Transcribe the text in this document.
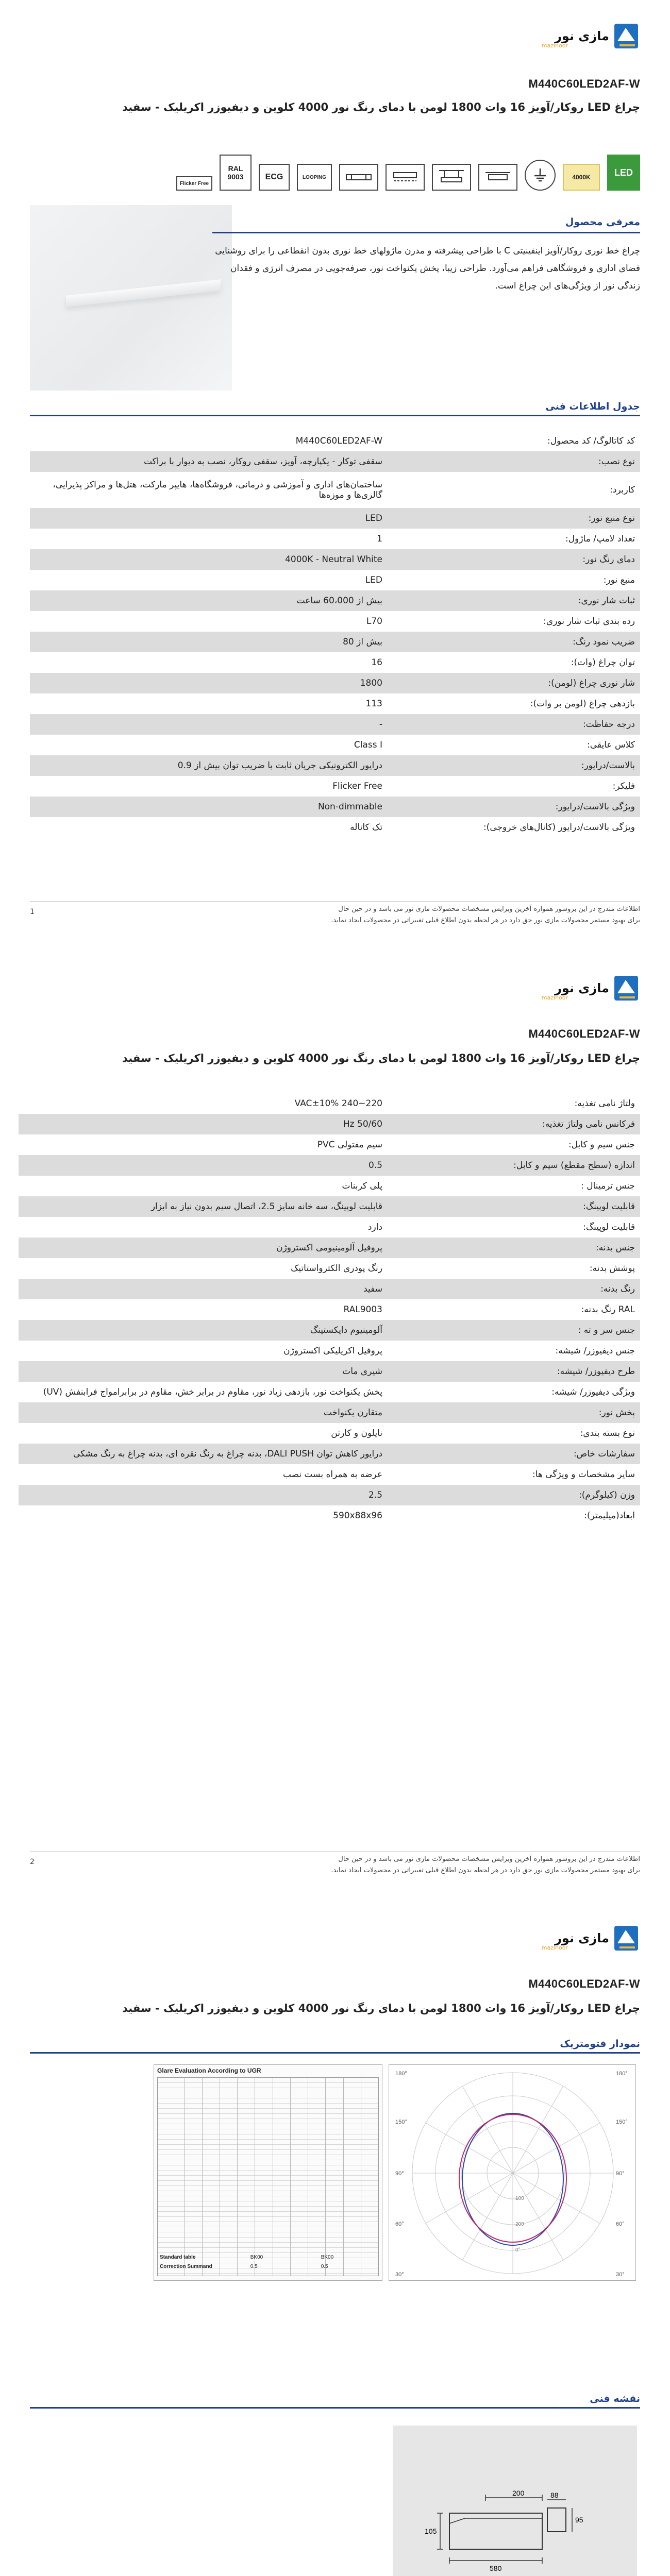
مازی نور
mazinoor
M440C60LED2AF-W
چراغ LED روکار/آویز 16 وات 1800 لومن با دمای رنگ نور 4000 کلوین و دیفیوزر اکریلیک - سفید
LED
4000K
LOOPING
ECG
RAL
9003
Flicker Free
معرفی محصول
چراغ خط نوری روکار/آویز اینفینیتی C با طراحی پیشرفته و مدرن ماژولهای خط نوری بدون انقطاعی را برای روشنایی فضای اداری و فروشگاهی فراهم می‌آورد. طراحی زیبا، پخش یکنواخت نور، صرفه‌جویی در مصرف انرژی و فقدان زندگی نور از ویژگی‌های این چراغ است.
جدول اطلاعات فنی
کد کاتالوگ/ کد محصول:	M440C60LED2AF-W
نوع نصب:	سقفی توکار - یکپارچه، آویز، سقفی روکار، نصب به دیوار با براکت
کاربرد:	ساختمان‌های اداری و آموزشی و درمانی، فروشگاه‌ها، هایپر مارکت، هتل‌ها و مراکز پذیرایی، گالری‌ها و موزه‌ها
نوع منبع نور:	LED
تعداد لامپ/ ماژول:	1
دمای رنگ نور:	4000K - Neutral White
منبع نور:	LED
ثبات شار نوری:	بیش از 60،000 ساعت
رده بندی ثبات شار نوری:	L70
ضریب نمود رنگ:	بیش از 80
توان چراغ (وات):	16
شار نوری چراغ (لومن):	1800
بازدهی چراغ (لومن بر وات):	113
درجه حفاظت:	-
کلاس عایقی:	Class I
بالاست/درایور:	درایور الکترونیکی جریان ثابت با ضریب توان بیش از 0.9
فلیکر:	Flicker Free
ویژگی بالاست/درایور:	Non-dimmable
ویژگی بالاست/درایور (کانال‌های خروجی):	تک کاناله
1	اطلاعات مندرج در این بروشور همواره آخرین ویرایش مشخصات محصولات مازی نور می باشد و در حین حال
برای بهبود مستمر محصولات مازی نور حق دارد در هر لحظه بدون اطلاع قبلی تغییراتی در محصولات ایجاد نماید.
مازی نور
mazinoor
M440C60LED2AF-W
چراغ LED روکار/آویز 16 وات 1800 لومن با دمای رنگ نور 4000 کلوین و دیفیوزر اکریلیک - سفید
ولتاژ نامی تغذیه:	220~240 VAC±10%
فرکانس نامی ولتاژ تغذیه:	50/60 Hz
جنس سیم و کابل:	سیم مفتولی PVC
اندازه (سطح مقطع) سیم و کابل:	0.5
جنس ترمینال :	پلی کربنات
قابلیت لوپینگ:	قابلیت لوپینگ، سه خانه سایز 2.5، اتصال سیم بدون نیاز به ابزار
قابلیت لوپینگ:	دارد
جنس بدنه:	پروفیل آلومینیومی اکستروژن
پوشش بدنه:	رنگ پودری الکترواستاتیک
رنگ بدنه:	سفید
RAL رنگ بدنه:	RAL9003
جنس سر و ته :	آلومینیوم دایکستینگ
جنس دیفیوزر/ شیشه:	پروفیل اکریلیکی اکستروژن
طرح دیفیوزر/ شیشه:	شیری مات
ویژگی دیفیوزر/ شیشه:	پخش یکنواخت نور، بازدهی زیاد نور، مقاوم در برابر خش، مقاوم در برابرامواج فرابنفش (UV)
پخش نور:	متقارن یکنواخت
نوع بسته بندی:	نایلون و کارتن
سفارشات خاص:	درایور کاهش توان DALI PUSH، بدنه چراغ به رنگ نقره ای، بدنه چراغ به رنگ مشکی
سایر مشخصات و ویژگی ها:	عرضه به همراه بست نصب
وزن (کیلوگرم):	2.5
ابعاد(میلیمتر):	590x88x96
2	اطلاعات مندرج در این بروشور همواره آخرین ویرایش مشخصات محصولات مازی نور می باشد و در حین حال
برای بهبود مستمر محصولات مازی نور حق دارد در هر لحظه بدون اطلاع قبلی تغییراتی در محصولات ایجاد نماید.
مازی نور
mazinoor
M440C60LED2AF-W
چراغ LED روکار/آویز 16 وات 1800 لومن با دمای رنگ نور 4000 کلوین و دیفیوزر اکریلیک - سفید
نمودار فتومتریک
Glare Evaluation According to UGR
Standard table
Correction Summand
BK00	BK00
0.5	0.5
180°
150°
90°
60°
30°
180°
150°
90°
60°
30°
100
200
0°
نقشه فنی
200	88
580
105
95
